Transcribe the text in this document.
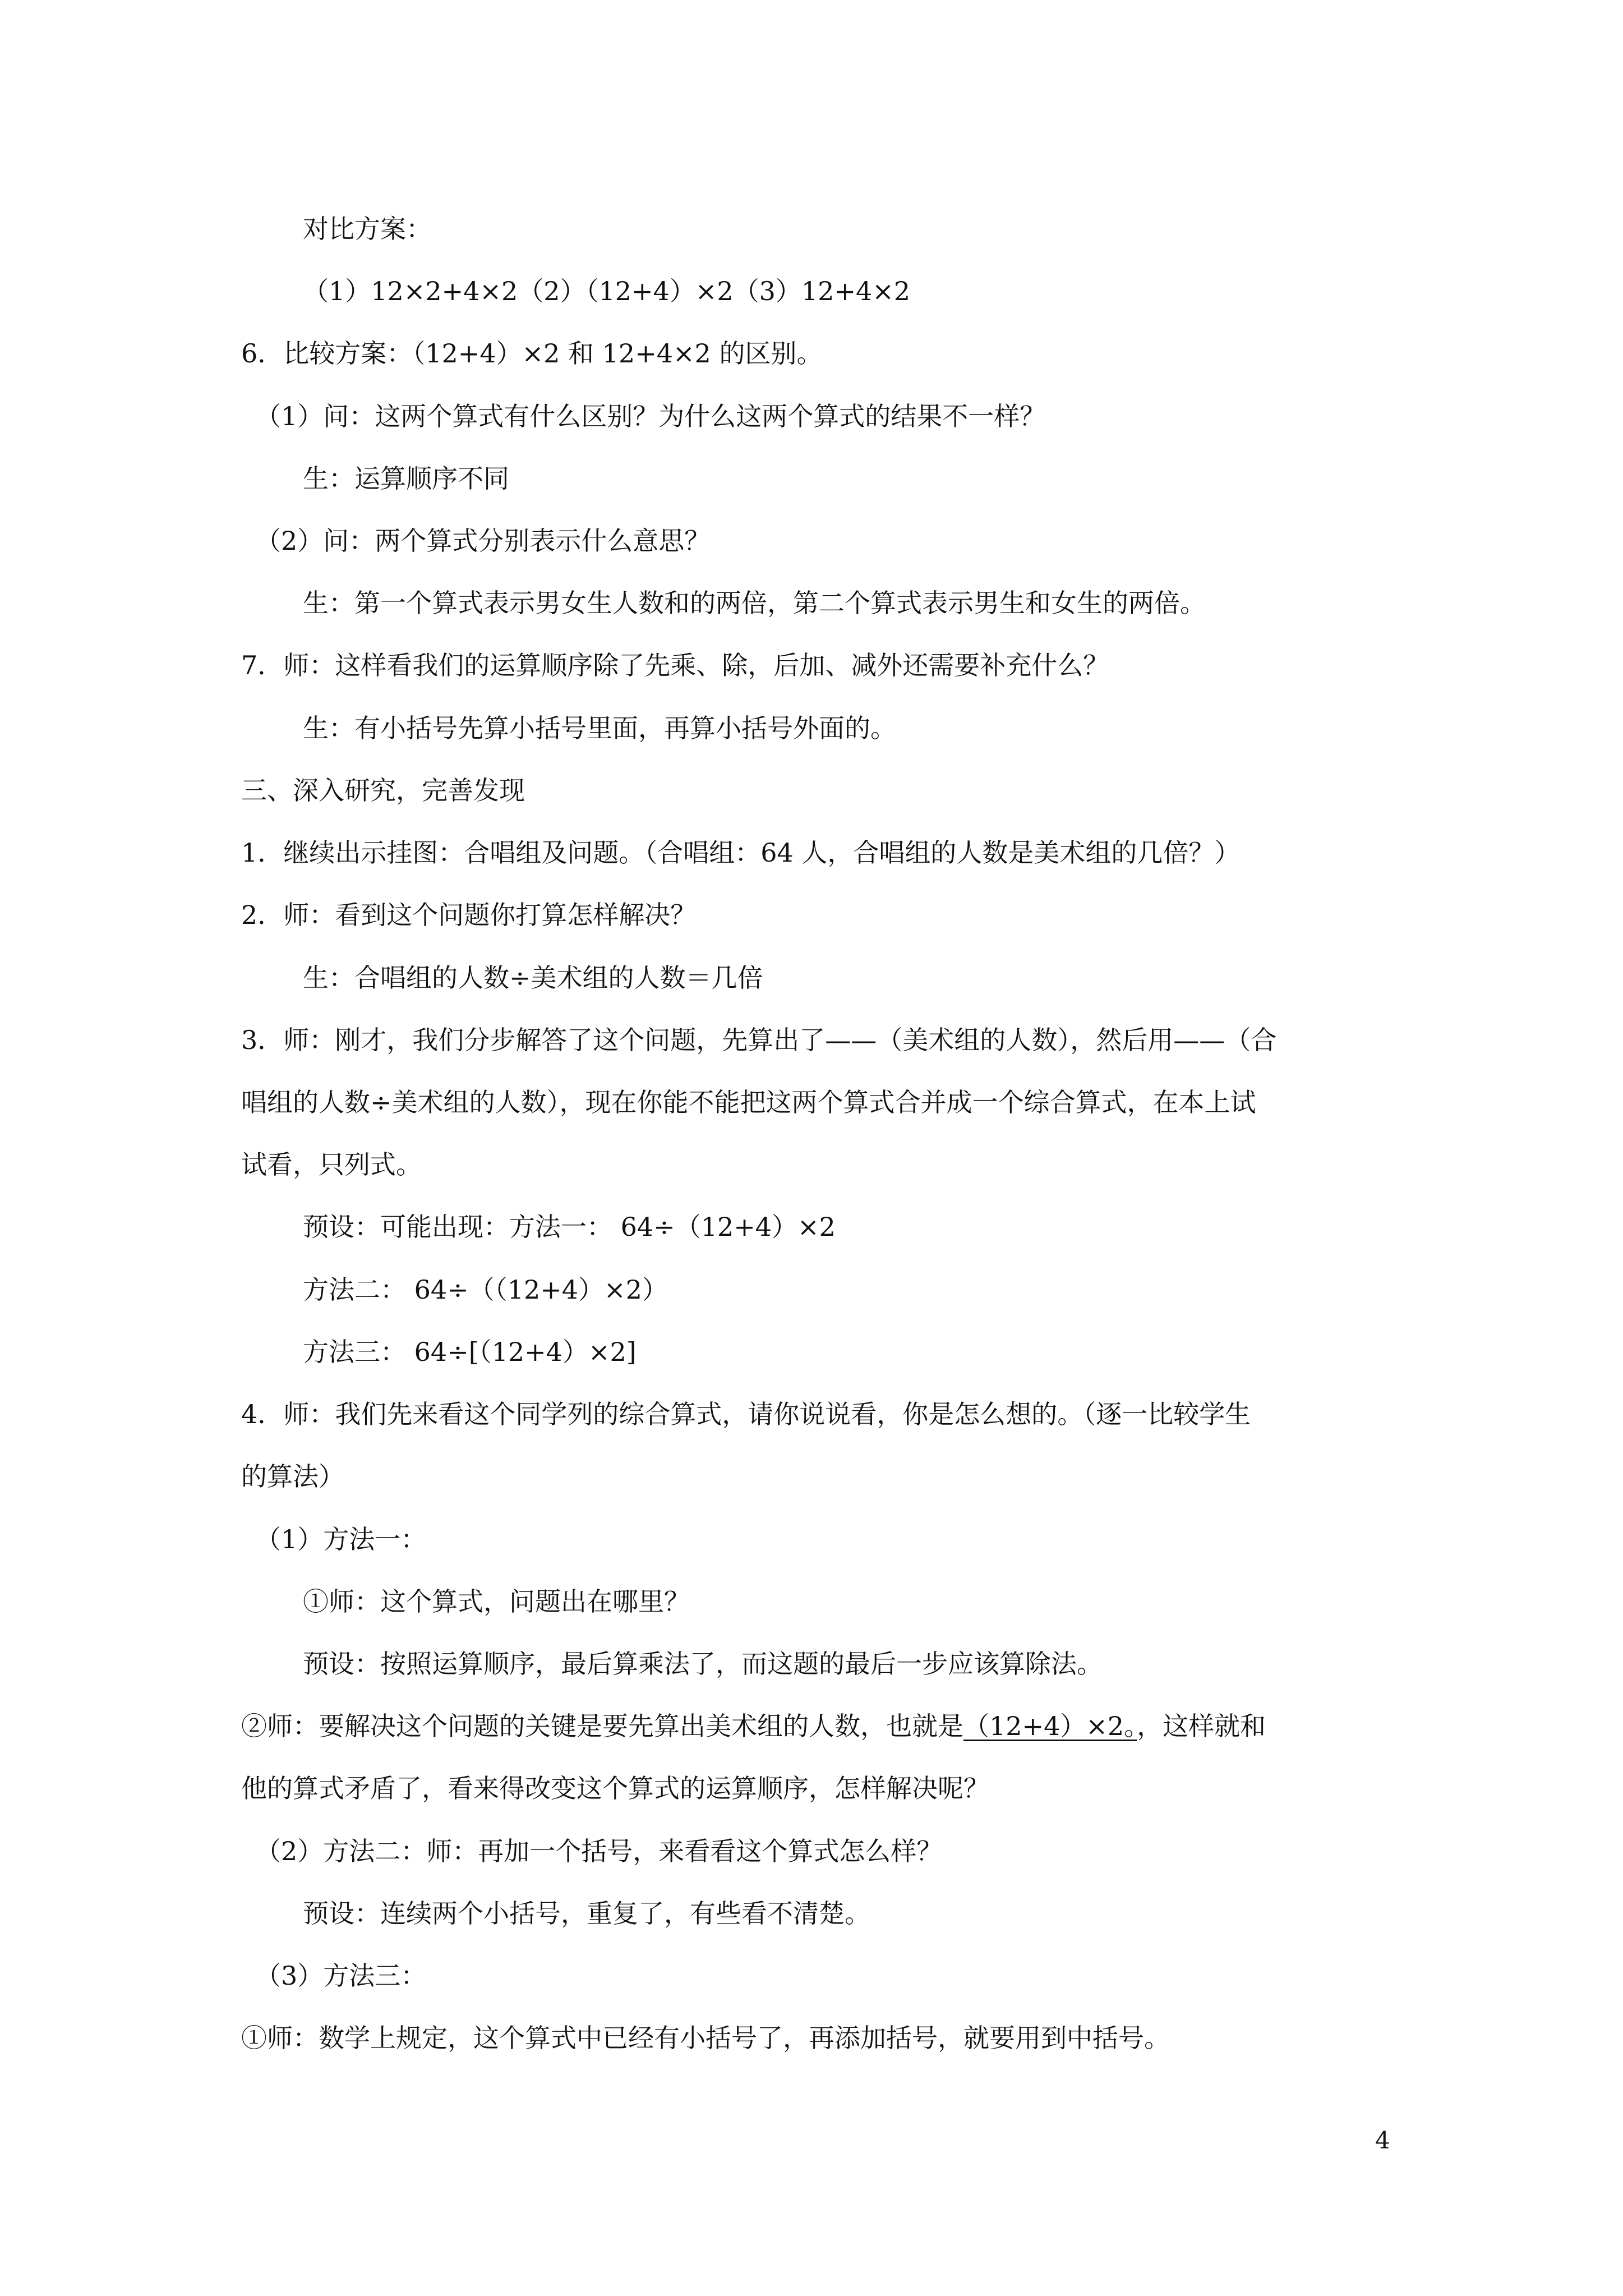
对比方案：
（1）12×2+4×2（2）（12+4）×2（3）12+4×2
6．比较方案：（12+4）×2 和 12+4×2 的区别。
（1）问：这两个算式有什么区别？为什么这两个算式的结果不一样？
生：运算顺序不同
（2）问：两个算式分别表示什么意思？
生：第一个算式表示男女生人数和的两倍，第二个算式表示男生和女生的两倍。
7．师：这样看我们的运算顺序除了先乘、除，后加、减外还需要补充什么？
生：有小括号先算小括号里面，再算小括号外面的。
三、深入研究，完善发现
1．继续出示挂图：合唱组及问题。（合唱组：64 人，合唱组的人数是美术组的几倍？）
2．师：看到这个问题你打算怎样解决？
生：合唱组的人数÷美术组的人数＝几倍
3．师：刚才，我们分步解答了这个问题，先算出了——（美术组的人数），然后用——（合
唱组的人数÷美术组的人数），现在你能不能把这两个算式合并成一个综合算式，在本上试
试看，只列式。
预设：可能出现：方法一： 64÷（12+4）×2
方法二： 64÷（（12+4）×2）
方法三： 64÷[（12+4）×2]
4．师：我们先来看这个同学列的综合算式，请你说说看，你是怎么想的。（逐一比较学生
的算法）
（1）方法一：
①师：这个算式，问题出在哪里？
预设：按照运算顺序，最后算乘法了，而这题的最后一步应该算除法。
②师：要解决这个问题的关键是要先算出美术组的人数，也就是（12+4）×2。，这样就和
他的算式矛盾了，看来得改变这个算式的运算顺序，怎样解决呢？
（2）方法二：师：再加一个括号，来看看这个算式怎么样？
预设：连续两个小括号，重复了，有些看不清楚。
（3）方法三：
①师：数学上规定，这个算式中已经有小括号了，再添加括号，就要用到中括号。
4
